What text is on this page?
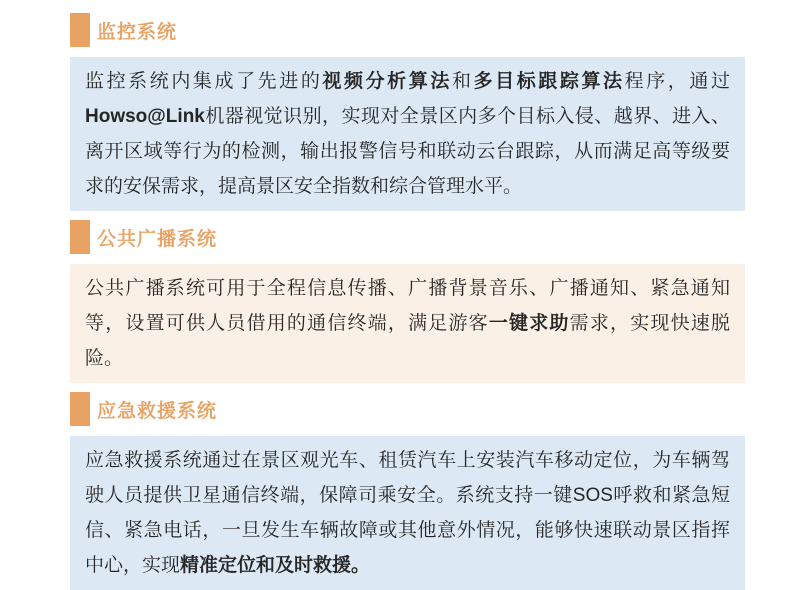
监控系统
监控系统内集成了先进的视频分析算法和多目标跟踪算法程序，通过Howso@Link机器视觉识别，实现对全景区内多个目标入侵、越界、进入、离开区域等行为的检测，输出报警信号和联动云台跟踪，从而满足高等级要求的安保需求，提高景区安全指数和综合管理水平。
公共广播系统
公共广播系统可用于全程信息传播、广播背景音乐、广播通知、紧急通知等，设置可供人员借用的通信终端，满足游客一键求助需求，实现快速脱险。
应急救援系统
应急救援系统通过在景区观光车、租赁汽车上安装汽车移动定位，为车辆驾驶人员提供卫星通信终端，保障司乘安全。系统支持一键SOS呼救和紧急短信、紧急电话，一旦发生车辆故障或其他意外情况，能够快速联动景区指挥中心，实现精准定位和及时救援。
